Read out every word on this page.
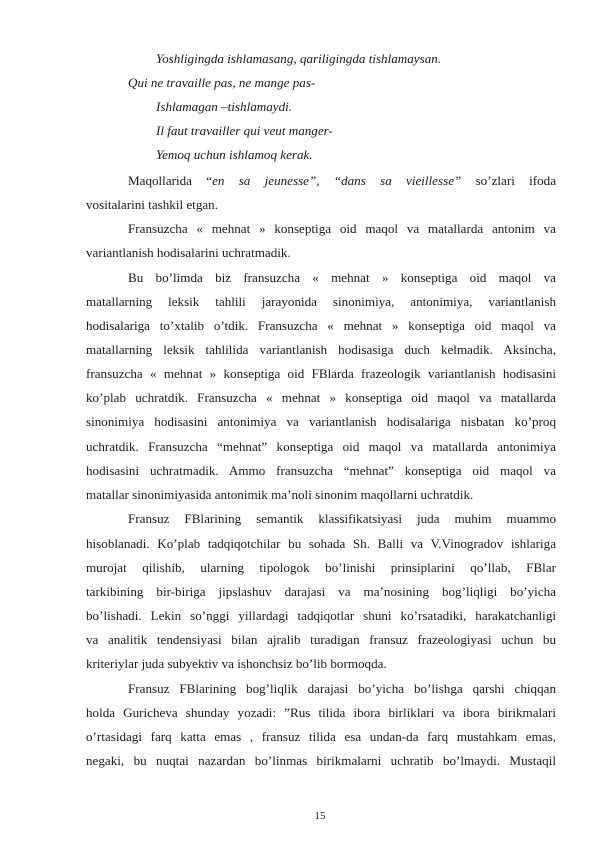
Yoshligingda ishlamasang, qariligingda tishlamaysan.
Qui ne travaille pas, ne mange pas-
Ishlamagan –tishlamaydi.
Il faut travailler qui veut manger-
Yemoq uchun ishlamoq kerak.
Maqollarida “en sa jeunesse”, “dans sa vieillesse” so’zlari ifoda
vositalarini tashkil etgan.
Fransuzcha « mehnat » konseptiga oid maqol va matallarda antonim va
variantlanish hodisalarini uchratmadik.
Bu bo’limda biz fransuzcha « mehnat » konseptiga oid maqol va
matallarning leksik tahlili jarayonida sinonimiya, antonimiya, variantlanish
hodisalariga to’xtalib o’tdik. Fransuzcha « mehnat » konseptiga oid maqol va
matallarning leksik tahlilida variantlanish hodisasiga duch kelmadik. Aksincha,
fransuzcha « mehnat » konseptiga oid FBlarda frazeologik variantlanish hodisasini
ko’plab uchratdik. Fransuzcha « mehnat » konseptiga oid maqol va matallarda
sinonimiya hodisasini antonimiya va variantlanish hodisalariga nisbatan ko’proq
uchratdik. Fransuzcha “mehnat” konseptiga oid maqol va matallarda antonimiya
hodisasini uchratmadik. Ammo fransuzcha “mehnat” konseptiga oid maqol va
matallar sinonimiyasida antonimik ma’noli sinonim maqollarni uchratdik.
Fransuz FBlarining semantik klassifikatsiyasi juda muhim muammo
hisoblanadi. Ko’plab tadqiqotchilar bu sohada Sh. Balli va V.Vinogradov ishlariga
murojat qilishib, ularning tipologok bo’linishi prinsiplarini qo’llab, FBlar
tarkibining bir-biriga jipslashuv darajasi va ma’nosining bog’liqligi bo’yicha
bo’lishadi. Lekin so’nggi yillardagi tadqiqotlar shuni ko’rsatadiki, harakatchanligi
va analitik tendensiyasi bilan ajralib turadigan fransuz frazeologiyasi uchun bu
kriteriylar juda subyektiv va ishonchsiz bo’lib bormoqda.
Fransuz FBlarining bog’liqlik darajasi bo’yicha bo’lishga qarshi chiqqan
holda Guricheva shunday yozadi: ”Rus tilida ibora birliklari va ibora birikmalari
o’rtasidagi farq katta emas , fransuz tilida esa undan-da farq mustahkam emas,
negaki, bu nuqtai nazardan bo’linmas birikmalarni uchratib bo’lmaydi. Mustaqil
15
